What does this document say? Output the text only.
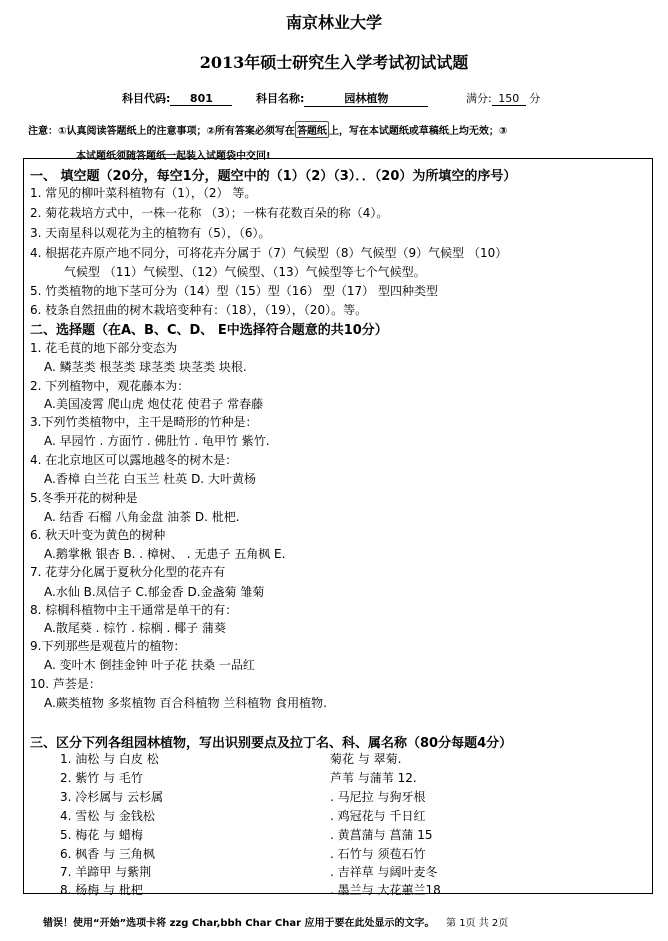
南京林业大学
2013年硕士研究生入学考试初试试题
科目代码: 801	科目名称:	园林植物	满分: 150 分
注意：①认真阅读答题纸上的注意事项；②所有答案必须写在 答题纸 上，写在本试题纸或草稿纸上均无效；③
本试题纸须随答题纸一起装入试题袋中交回!
一、 填空题（20分，每空1分，题空中的（1）（2）（3）．．（20）为所填空的序号）
1. 常见的柳叶菜科植物有（1），（2） 等。
2. 菊花栽培方式中，一株一花称 （3）；一株有花数百朵的称（4）。
3. 天南星科以观花为主的植物有（5），（6）。
4. 根据花卉原产地不同分，可将花卉分属于（7）气候型（8）气候型（9）气候型 （10）
气候型 （11）气候型、（12）气候型、（13）气候型等七个气候型。
5. 竹类植物的地下茎可分为（14）型（15）型（16） 型（17） 型四种类型
6. 枝条自然扭曲的树木栽培变种有：（18），（19），（20）。等。
二、选择题（在A、B、C、D、 E中选择符合题意的共10分）
1. 花毛茛的地下部分变态为
A. 鳞茎类 根茎类 球茎类 块茎类 块根.
2. 下列植物中，观花藤本为：
A.美国凌霄 爬山虎 炮仗花 使君子 常春藤
3.下列竹类植物中，主干是畸形的竹种是：
A. 早园竹 . 方面竹 . 佛肚竹 . 龟甲竹 紫竹.
4. 在北京地区可以露地越冬的树木是：
A.香樟 白兰花 白玉兰 杜英 D. 大叶黄杨
5.冬季开花的树种是
A. 结香 石榴 八角金盘 油茶 D. 枇杷.
6. 秋天叶变为黄色的树种
A.鹅掌楸 银杏 B. . 樟树、 . 无患子 五角枫 E.
7. 花芽分化属于夏秋分化型的花卉有
A.水仙 B.凤信子 C.郁金香 D.金盏菊 雏菊
8. 棕榈科植物中主干通常是单干的有：
A.散尾葵 . 棕竹 . 棕榈 . 椰子 蒲葵
9.下列那些是观苞片的植物：
A. 变叶木 倒挂金钟 叶子花 扶桑 一品红
10. 芦荟是：
A.蕨类植物 多浆植物 百合科植物 兰科植物 食用植物.
三、区分下列各组园林植物，写出识别要点及拉丁名、科、属名称（80分每题4分）
1. 油松 与 白皮 松
2. 紫竹 与 毛竹
3. 冷杉属与 云杉属
4. 雪松 与 金钱松
5. 梅花 与 蜡梅
6. 枫香 与 三角枫
7. 羊蹄甲 与紫荆
8. 杨梅 与 枇杷
菊花 与 翠菊.
芦苇 与蒲苇 12.
. 马尼拉 与狗牙根
. 鸡冠花与 千日红
. 黄菖蒲与 菖蒲 15
. 石竹与 须苞石竹
. 吉祥草 与阔叶麦冬
. 墨兰与 大花蕙兰18
错误！使用“开始”选项卡将 zzg Char,bbh Char Char 应用于要在此处显示的文字。 第 1页 共 2页
